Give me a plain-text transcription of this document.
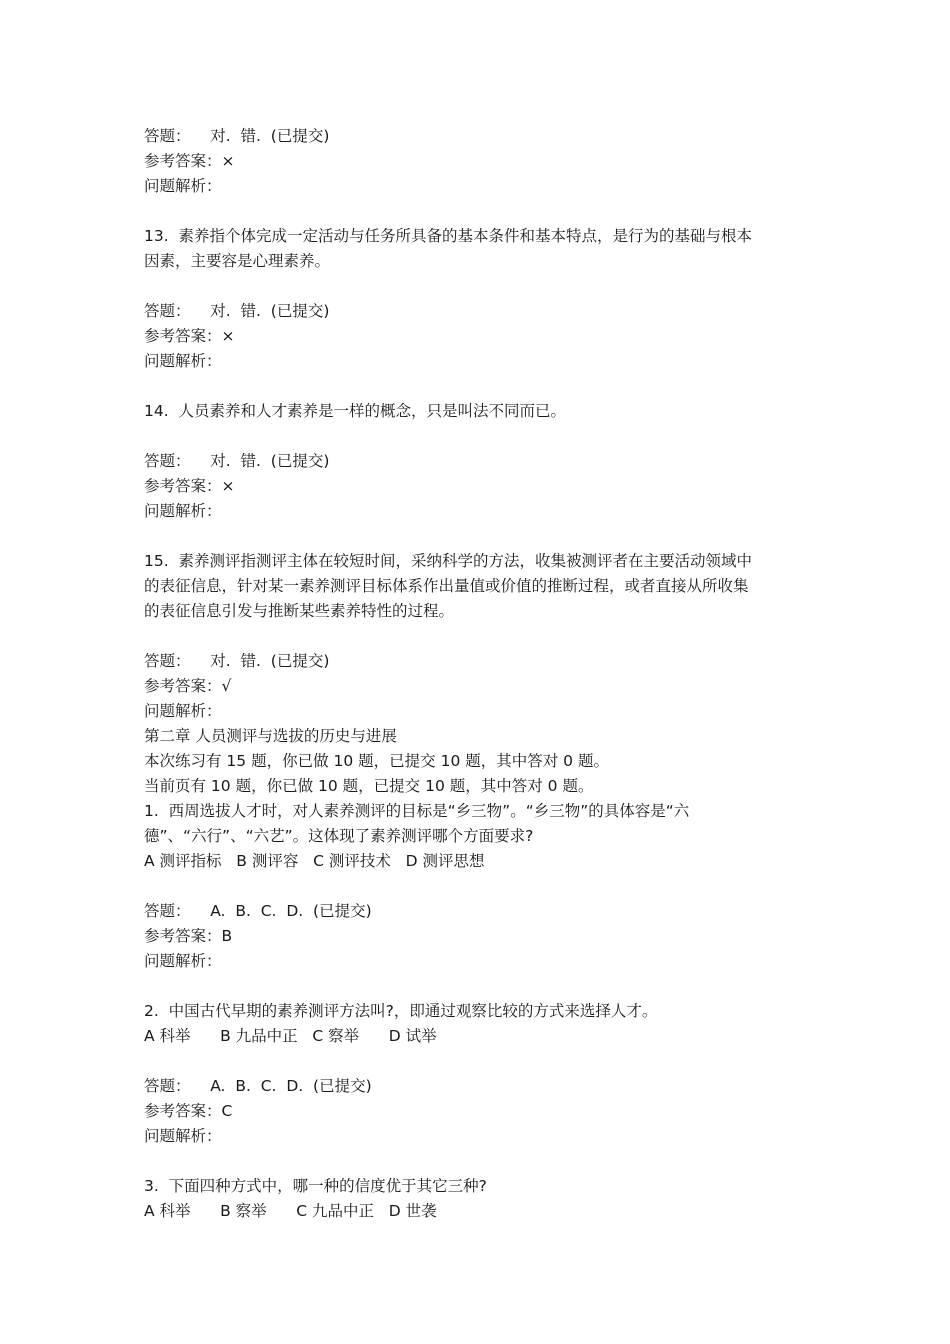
答题：    对.  错.  (已提交)
参考答案：×
问题解析：
13.  素养指个体完成一定活动与任务所具备的基本条件和基本特点，是行为的基础与根本
因素，主要容是心理素养。
答题：    对.  错.  (已提交)
参考答案：×
问题解析：
14.  人员素养和人才素养是一样的概念，只是叫法不同而已。
答题：    对.  错.  (已提交)
参考答案：×
问题解析：
15.  素养测评指测评主体在较短时间，采纳科学的方法，收集被测评者在主要活动领域中
的表征信息，针对某一素养测评目标体系作出量值或价值的推断过程，或者直接从所收集
的表征信息引发与推断某些素养特性的过程。
答题：    对.  错.  (已提交)
参考答案：√
问题解析：
第二章 人员测评与选拔的历史与进展
本次练习有 15 题，你已做 10 题，已提交 10 题，其中答对 0 题。
当前页有 10 题，你已做 10 题，已提交 10 题，其中答对 0 题。
1.  西周选拔人才时，对人素养测评的目标是“乡三物”。“乡三物”的具体容是“六
德”、“六行”、“六艺”。这体现了素养测评哪个方面要求?
A 测评指标   B 测评容   C 测评技术   D 测评思想
答题：    A.  B.  C.  D.  (已提交)
参考答案：B
问题解析：
2.  中国古代早期的素养测评方法叫?，即通过观察比较的方式来选择人才。
A 科举      B 九品中正   C 察举      D 试举
答题：    A.  B.  C.  D.  (已提交)
参考答案：C
问题解析：
3.  下面四种方式中，哪一种的信度优于其它三种?
A 科举      B 察举      C 九品中正   D 世袭
